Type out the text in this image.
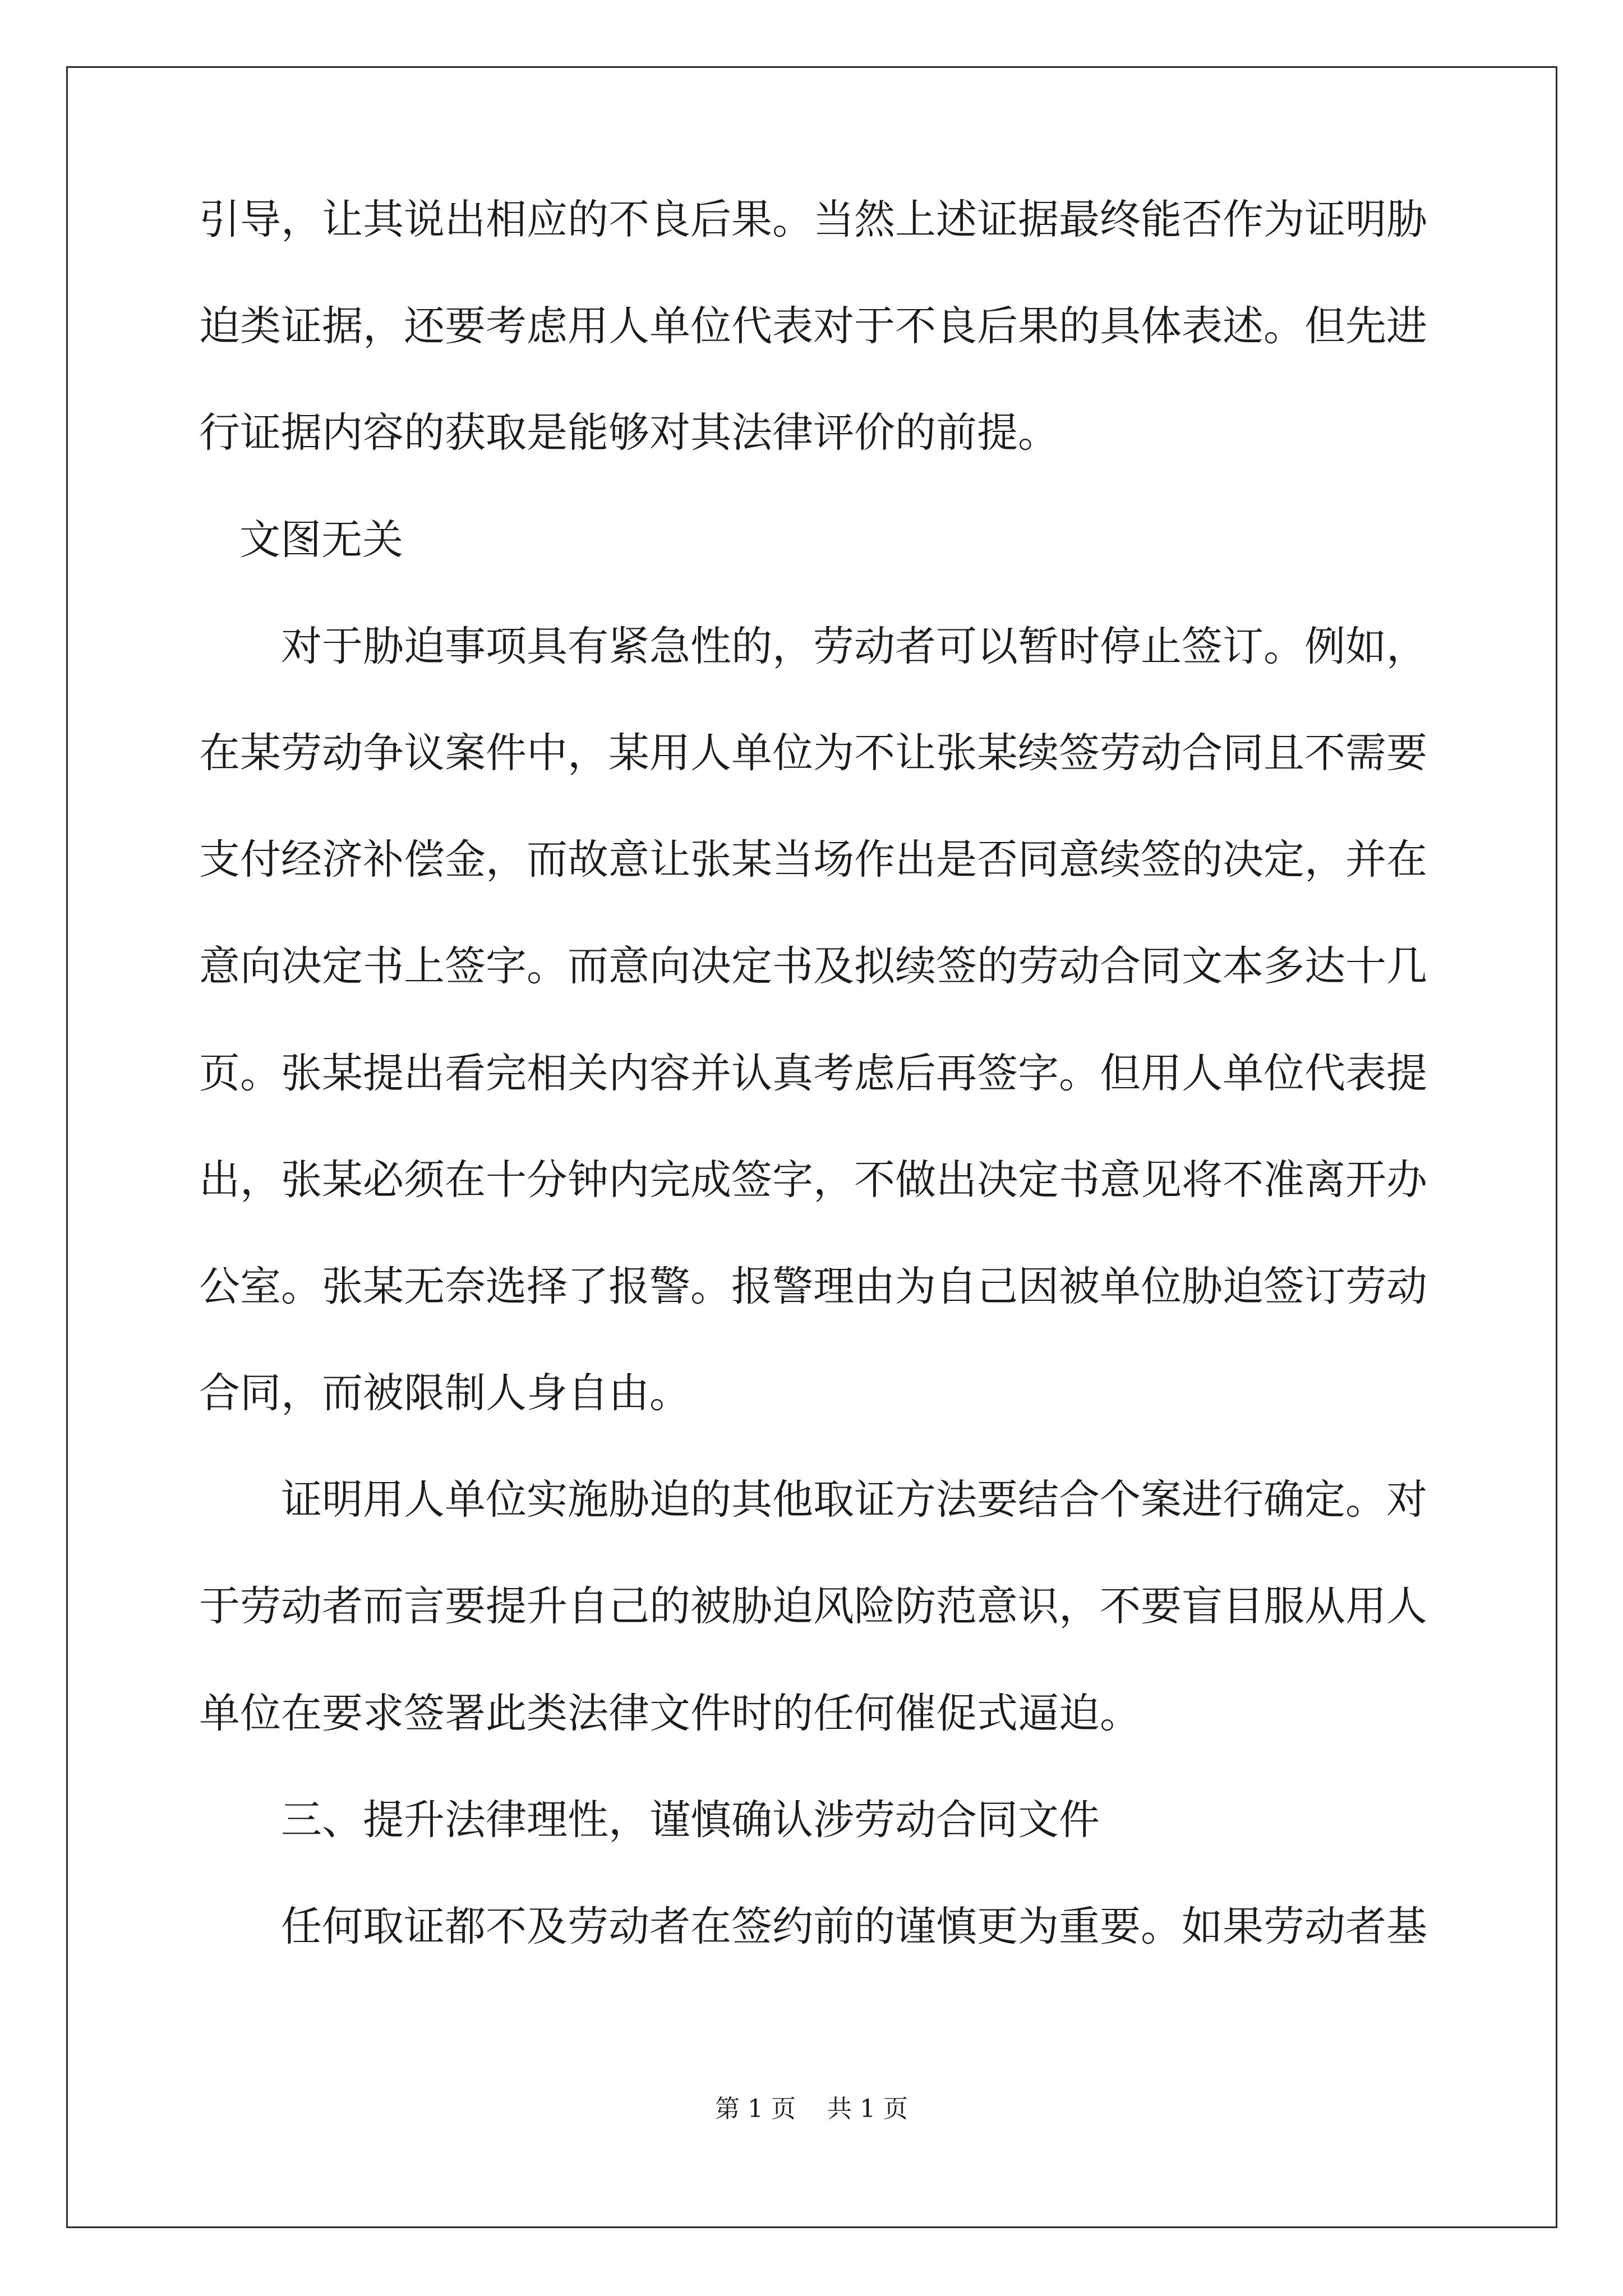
引导，让其说出相应的不良后果。当然上述证据最终能否作为证明胁
迫类证据，还要考虑用人单位代表对于不良后果的具体表述。但先进
行证据内容的获取是能够对其法律评价的前提。
文图无关
对于胁迫事项具有紧急性的，劳动者可以暂时停止签订。例如，
在某劳动争议案件中，某用人单位为不让张某续签劳动合同且不需要
支付经济补偿金，而故意让张某当场作出是否同意续签的决定，并在
意向决定书上签字。而意向决定书及拟续签的劳动合同文本多达十几
页。张某提出看完相关内容并认真考虑后再签字。但用人单位代表提
出，张某必须在十分钟内完成签字，不做出决定书意见将不准离开办
公室。张某无奈选择了报警。报警理由为自己因被单位胁迫签订劳动
合同，而被限制人身自由。
证明用人单位实施胁迫的其他取证方法要结合个案进行确定。对
于劳动者而言要提升自己的被胁迫风险防范意识，不要盲目服从用人
单位在要求签署此类法律文件时的任何催促式逼迫。
三、提升法律理性，谨慎确认涉劳动合同文件
任何取证都不及劳动者在签约前的谨慎更为重要。如果劳动者基
第 1 页    共 1 页
